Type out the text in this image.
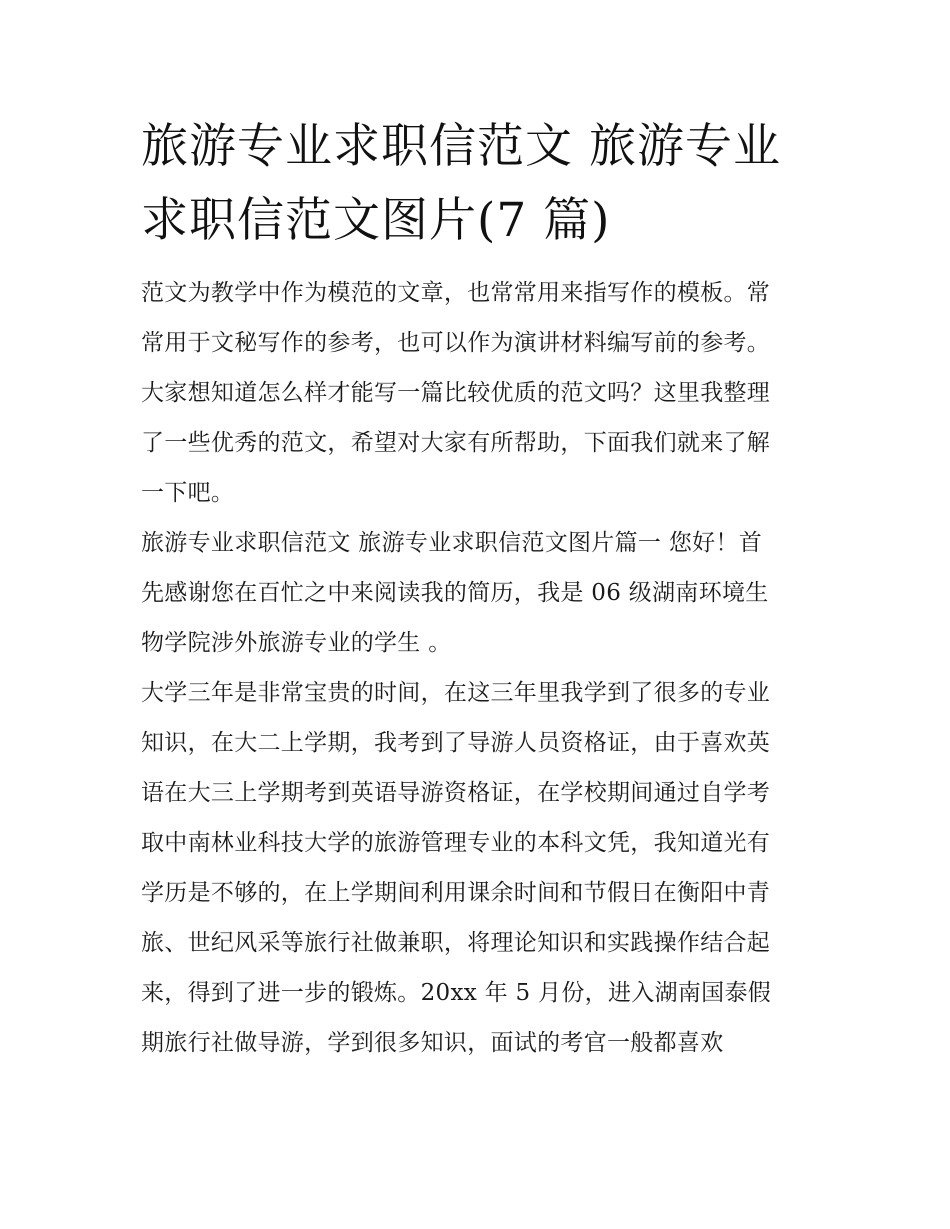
旅游专业求职信范文 旅游专业
求职信范文图片(7 篇)

范文为教学中作为模范的文章，也常常用来指写作的模板。常
常用于文秘写作的参考，也可以作为演讲材料编写前的参考。
大家想知道怎么样才能写一篇比较优质的范文吗？这里我整理
了一些优秀的范文，希望对大家有所帮助，下面我们就来了解
一下吧。

旅游专业求职信范文 旅游专业求职信范文图片篇一 您好！首
先感谢您在百忙之中来阅读我的简历，我是 06 级湖南环境生
物学院涉外旅游专业的学生 。

大学三年是非常宝贵的时间，在这三年里我学到了很多的专业
知识，在大二上学期，我考到了导游人员资格证，由于喜欢英
语在大三上学期考到英语导游资格证，在学校期间通过自学考
取中南林业科技大学的旅游管理专业的本科文凭，我知道光有
学历是不够的，在上学期间利用课余时间和节假日在衡阳中青
旅、世纪风采等旅行社做兼职，将理论知识和实践操作结合起
来，得到了进一步的锻炼。20xx 年 5 月份，进入湖南国泰假
期旅行社做导游，学到很多知识，面试的考官一般都喜欢
